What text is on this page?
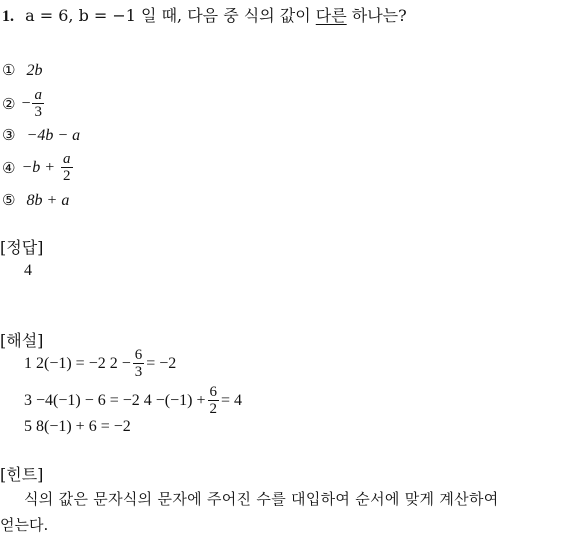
1. a = 6, b = −1 일 때, 다음 중 식의 값이 다른 하나는?
① 2b
② − $\frac{a}{3}$
③ −4b − a
④ $-b + \frac{a}{2}$
⑤ 8b + a
[정답]
4
[해설]
1 2(−1) = −2 $2 - \frac{6}{3} = -2$
3 −4(−1) − 6 = −2 $4 -(-1) + \frac{6}{2} = 4$
5 8(−1) + 6 = −2
[힌트]
식의 값은 문자식의 문자에 주어진 수를 대입하여 순서에 맞게 계산하여
얻는다.
